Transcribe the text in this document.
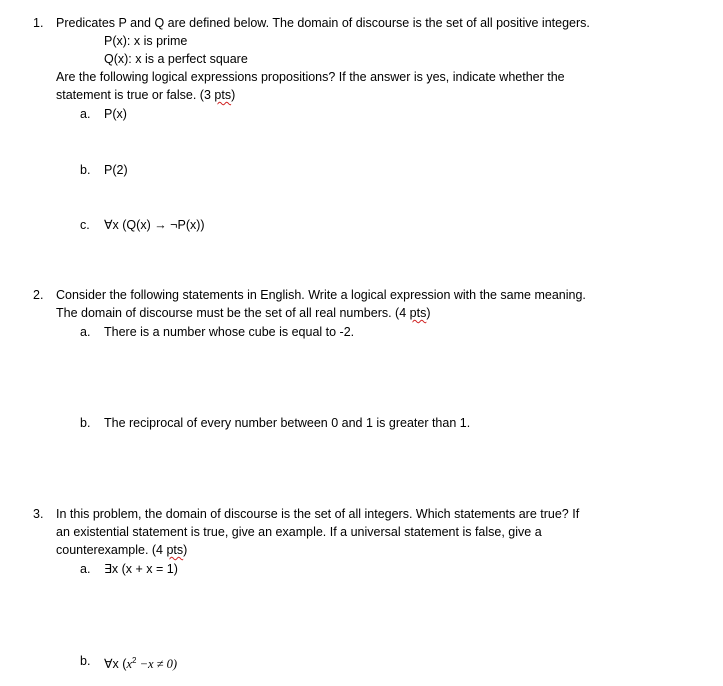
1. Predicates P and Q are defined below. The domain of discourse is the set of all positive integers.
P(x): x is prime
Q(x): x is a perfect square
Are the following logical expressions propositions? If the answer is yes, indicate whether the
statement is true or false. (3 pts)
a. P(x)
b. P(2)
c. ∀x (Q(x) → ¬P(x))
2. Consider the following statements in English. Write a logical expression with the same meaning.
The domain of discourse must be the set of all real numbers. (4 pts)
a. There is a number whose cube is equal to -2.
b. The reciprocal of every number between 0 and 1 is greater than 1.
3. In this problem, the domain of discourse is the set of all integers. Which statements are true? If
an existential statement is true, give an example. If a universal statement is false, give a
counterexample. (4 pts)
a. ∃x (x + x = 1)
b. ∀x $(x^2 -x \ne 0)$
